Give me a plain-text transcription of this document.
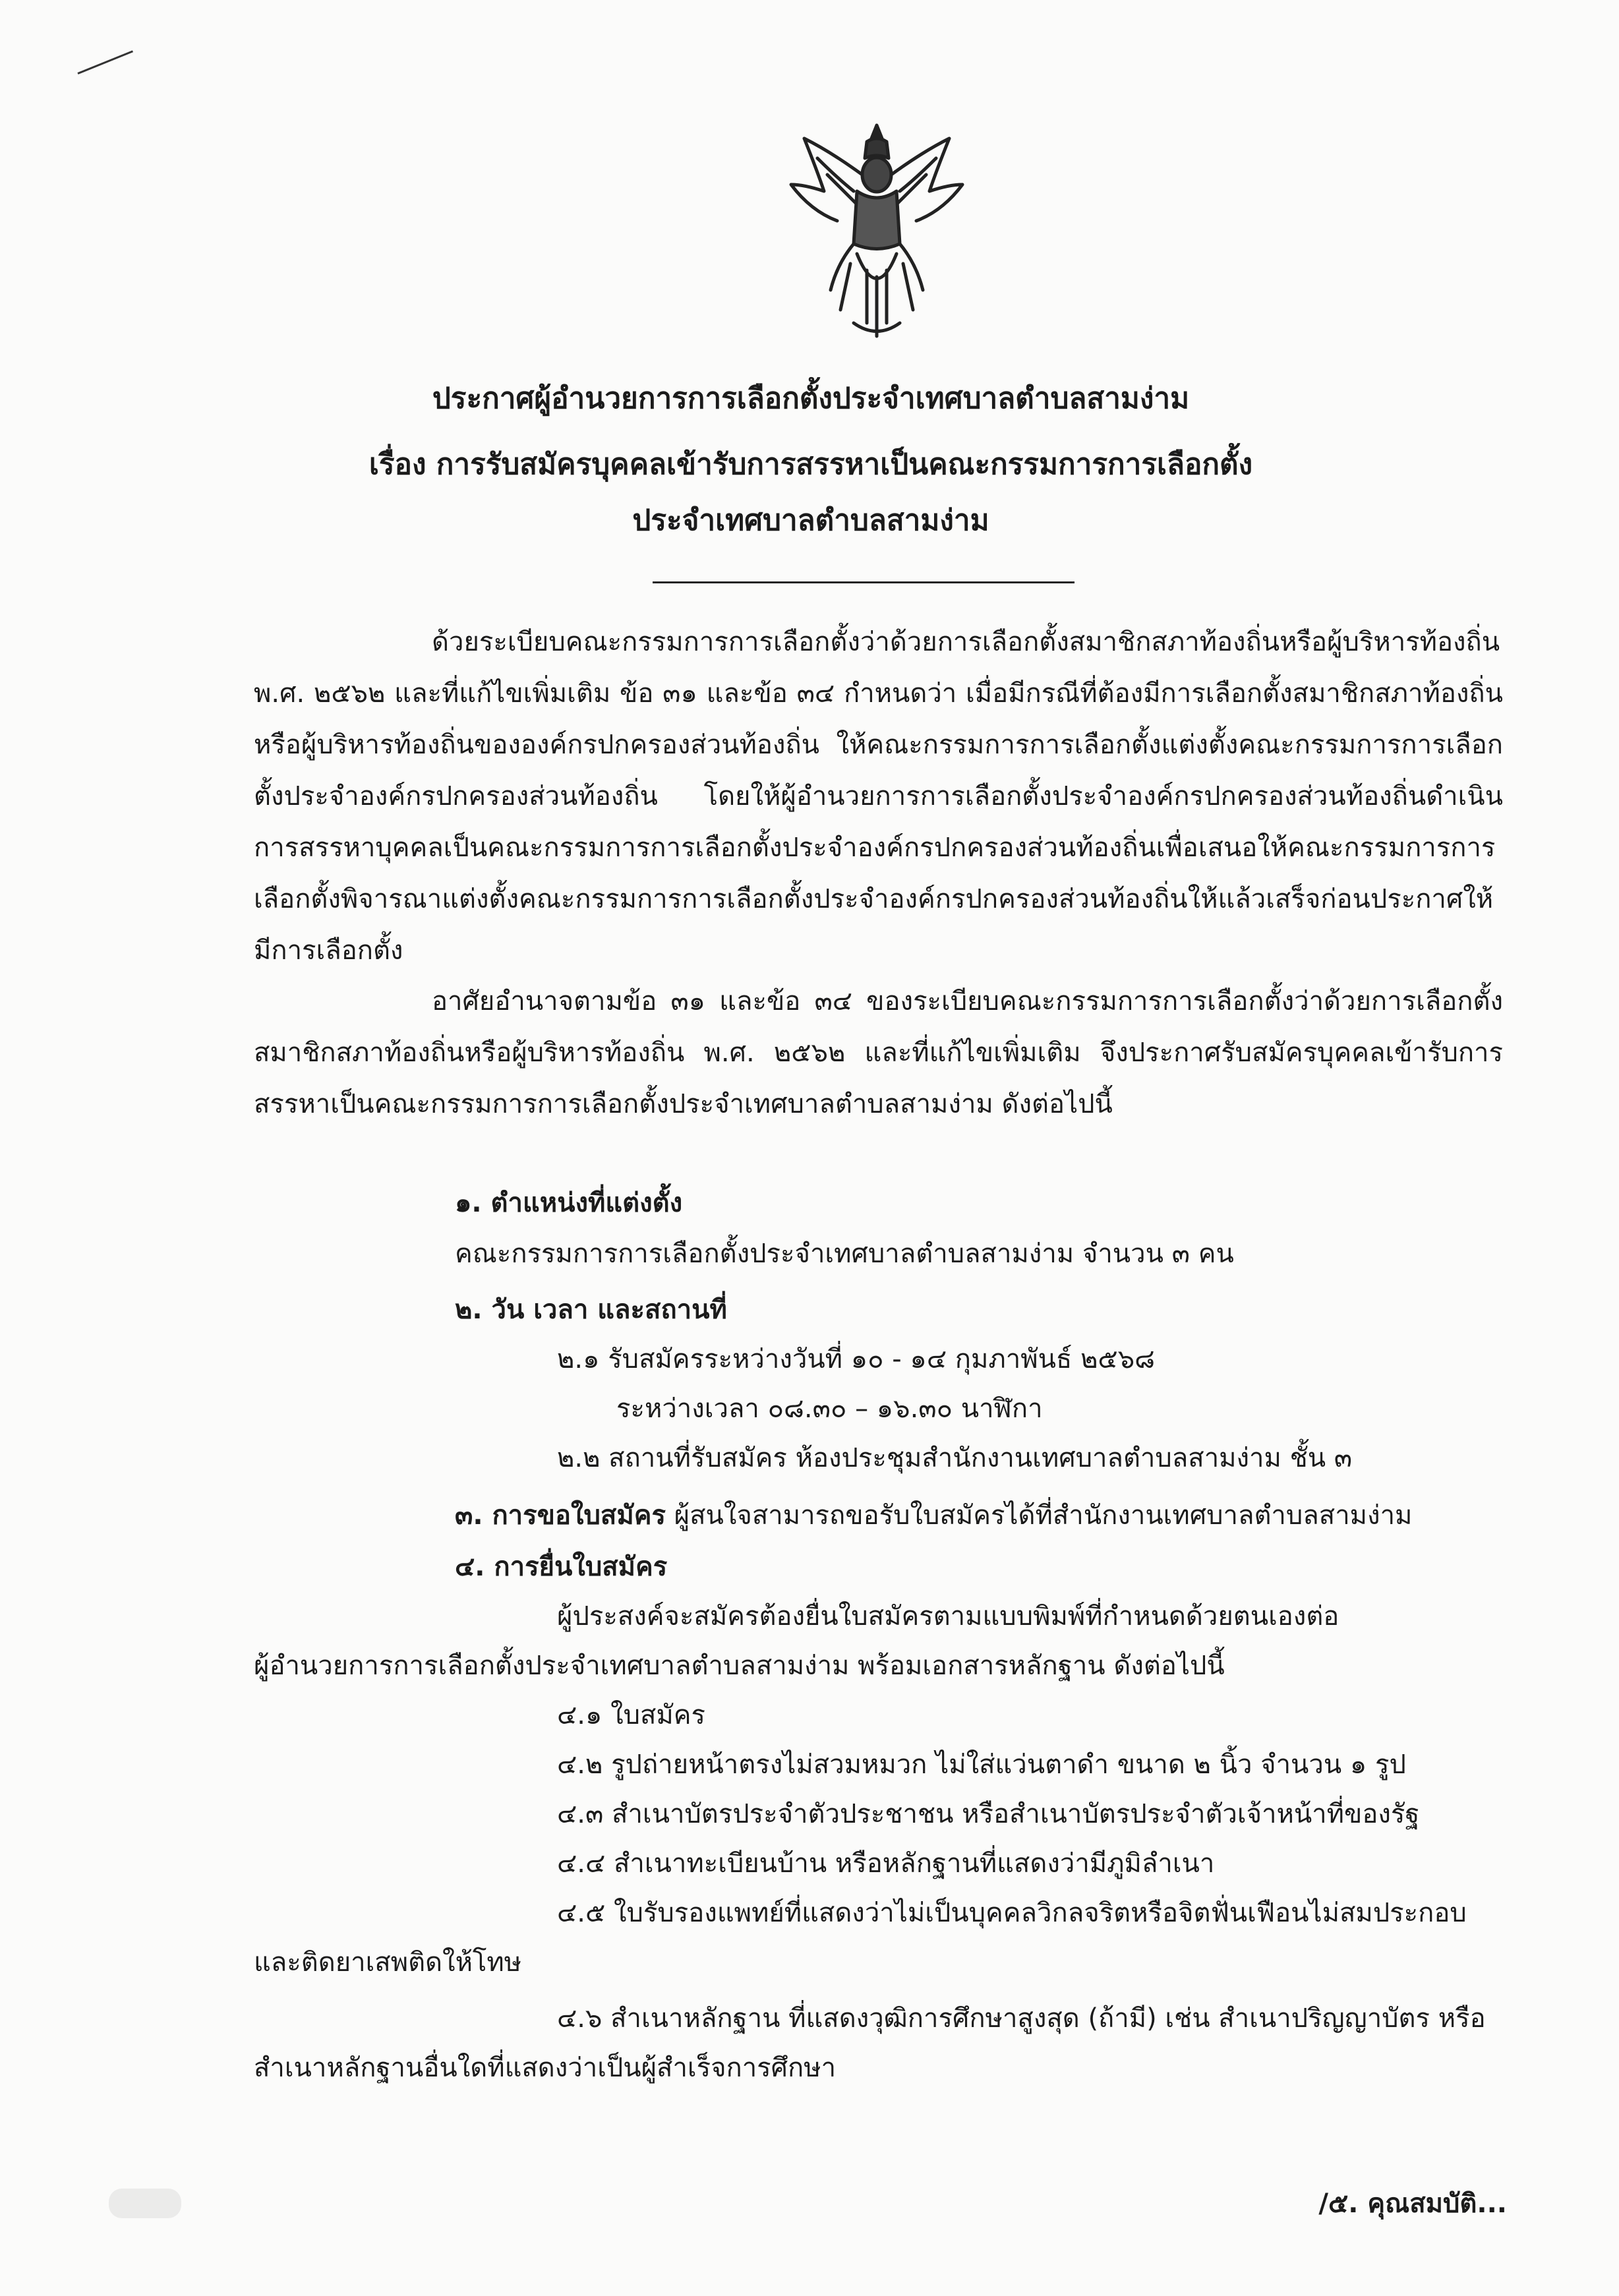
ประกาศผู้อำนวยการการเลือกตั้งประจำเทศบาลตำบลสามง่าม
เรื่อง การรับสมัครบุคคลเข้ารับการสรรหาเป็นคณะกรรมการการเลือกตั้ง
ประจำเทศบาลตำบลสามง่าม
ด้วยระเบียบคณะกรรมการการเลือกตั้งว่าด้วยการเลือกตั้งสมาชิกสภาท้องถิ่นหรือผู้บริหารท้องถิ่น พ.ศ. ๒๕๖๒ และที่แก้ไขเพิ่มเติม ข้อ ๓๑ และข้อ ๓๔ กำหนดว่า เมื่อมีกรณีที่ต้องมีการเลือกตั้งสมาชิกสภาท้องถิ่นหรือผู้บริหารท้องถิ่นขององค์กรปกครองส่วนท้องถิ่น ให้คณะกรรมการการเลือกตั้งแต่งตั้งคณะกรรมการการเลือกตั้งประจำองค์กรปกครองส่วนท้องถิ่น โดยให้ผู้อำนวยการการเลือกตั้งประจำองค์กรปกครองส่วนท้องถิ่นดำเนินการสรรหาบุคคลเป็นคณะกรรมการการเลือกตั้งประจำองค์กรปกครองส่วนท้องถิ่นเพื่อเสนอให้คณะกรรมการการเลือกตั้งพิจารณาแต่งตั้งคณะกรรมการการเลือกตั้งประจำองค์กรปกครองส่วนท้องถิ่นให้แล้วเสร็จก่อนประกาศให้มีการเลือกตั้ง
อาศัยอำนาจตามข้อ ๓๑ และข้อ ๓๔ ของระเบียบคณะกรรมการการเลือกตั้งว่าด้วยการเลือกตั้งสมาชิกสภาท้องถิ่นหรือผู้บริหารท้องถิ่น พ.ศ. ๒๕๖๒ และที่แก้ไขเพิ่มเติม จึงประกาศรับสมัครบุคคลเข้ารับการสรรหาเป็นคณะกรรมการการเลือกตั้งประจำเทศบาลตำบลสามง่าม ดังต่อไปนี้
๑. ตำแหน่งที่แต่งตั้ง
คณะกรรมการการเลือกตั้งประจำเทศบาลตำบลสามง่าม จำนวน ๓ คน
๒. วัน เวลา และสถานที่
๒.๑ รับสมัครระหว่างวันที่ ๑๐ - ๑๔ กุมภาพันธ์ ๒๕๖๘
ระหว่างเวลา ๐๘.๓๐ – ๑๖.๓๐ นาฬิกา
๒.๒ สถานที่รับสมัคร ห้องประชุมสำนักงานเทศบาลตำบลสามง่าม ชั้น ๓
๓. การขอใบสมัคร ผู้สนใจสามารถขอรับใบสมัครได้ที่สำนักงานเทศบาลตำบลสามง่าม
๔. การยื่นใบสมัคร
ผู้ประสงค์จะสมัครต้องยื่นใบสมัครตามแบบพิมพ์ที่กำหนดด้วยตนเองต่อ
ผู้อำนวยการการเลือกตั้งประจำเทศบาลตำบลสามง่าม พร้อมเอกสารหลักฐาน ดังต่อไปนี้
๔.๑ ใบสมัคร
๔.๒ รูปถ่ายหน้าตรงไม่สวมหมวก ไม่ใส่แว่นตาดำ ขนาด ๒ นิ้ว จำนวน ๑ รูป
๔.๓ สำเนาบัตรประจำตัวประชาชน หรือสำเนาบัตรประจำตัวเจ้าหน้าที่ของรัฐ
๔.๔ สำเนาทะเบียนบ้าน หรือหลักฐานที่แสดงว่ามีภูมิลำเนา
๔.๕ ใบรับรองแพทย์ที่แสดงว่าไม่เป็นบุคคลวิกลจริตหรือจิตฟั่นเฟือนไม่สมประกอบ
และติดยาเสพติดให้โทษ
๔.๖ สำเนาหลักฐาน ที่แสดงวุฒิการศึกษาสูงสุด (ถ้ามี) เช่น สำเนาปริญญาบัตร หรือ
สำเนาหลักฐานอื่นใดที่แสดงว่าเป็นผู้สำเร็จการศึกษา
/๕. คุณสมบัติ...
